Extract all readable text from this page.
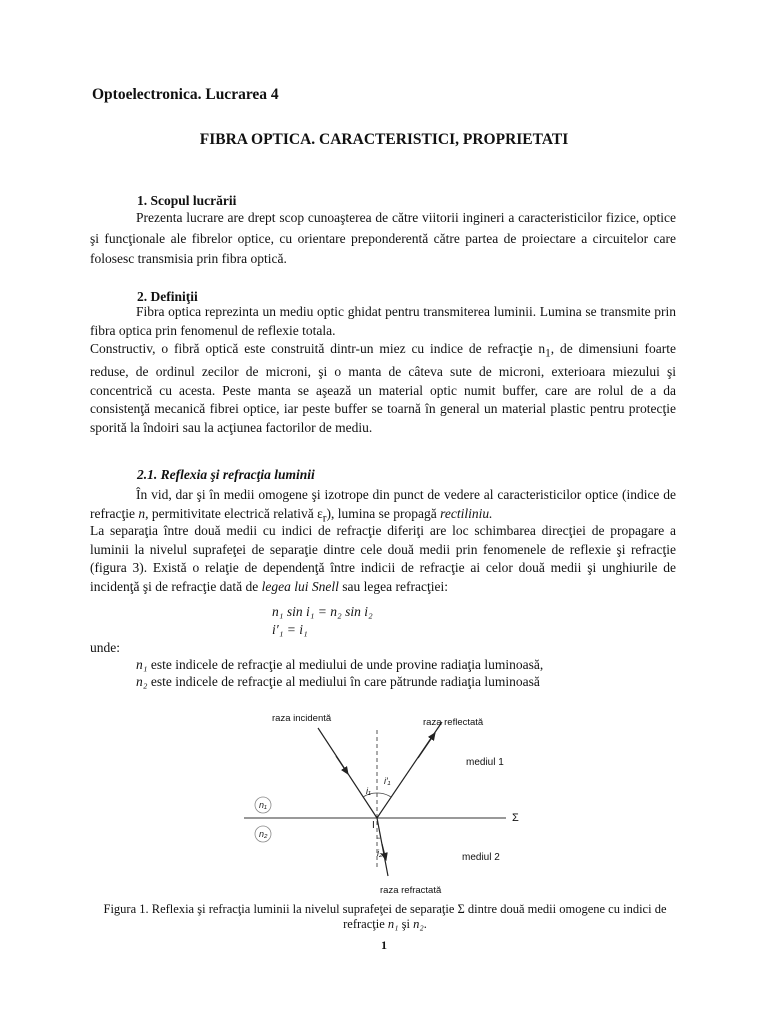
Optoelectronica. Lucrarea 4
FIBRA OPTICA. CARACTERISTICI, PROPRIETATI
1. Scopul lucrării
Prezenta lucrare are drept scop cunoaşterea de către viitorii ingineri a caracteristicilor fizice, optice şi funcţionale ale fibrelor optice, cu orientare preponderentă către partea de proiectare a circuitelor care folosesc transmisia prin fibra optică.
2. Definiţii
Fibra optica reprezinta un mediu optic ghidat pentru transmiterea luminii. Lumina se transmite prin fibra optica prin fenomenul de reflexie totala.
Constructiv, o fibră optică este construită dintr-un miez cu indice de refracţie $n_1$, de dimensiuni foarte reduse, de ordinul zecilor de microni, şi o manta de câteva sute de microni, exterioara miezului şi concentrică cu acesta. Peste manta se aşează un material optic numit buffer, care are rolul de a da consistenţă mecanică fibrei optice, iar peste buffer se toarnă în general un material plastic pentru protecţie sporită la îndoiri sau la acţiunea factorilor de mediu.
2.1. Reflexia şi refracţia luminii
În vid, dar şi în medii omogene şi izotrope din punct de vedere al caracteristicilor optice (indice de refracţie n, permitivitate electrică relativă $\varepsilon_r$), lumina se propagă rectiliniu.
La separaţia între două medii cu indici de refracţie diferiţi are loc schimbarea direcţiei de propagare a luminii la nivelul suprafeţei de separaţie dintre cele două medii prin fenomenele de reflexie şi refracţie (figura 3). Există o relaţie de dependenţă între indicii de refracţie ai celor două medii şi unghiurile de incidenţă şi de refracţie dată de legea lui Snell sau legea refracţiei:
n₁ sin i₁ = n₂ sin i₂
i′₁ = i₁
unde:
n₁ este indicele de refracţie al mediului de unde provine radiaţia luminoasă,
n₂ este indicele de refracţie al mediului în care pătrunde radiaţia luminoasă
n₁
n₂
raza incidentă	raza reflectată
mediul 1
mediul 2
raza refractată
i₁
i′₁
i₂
I
Σ
Figura 1. Reflexia şi refracţia luminii la nivelul suprafeţei de separaţie Σ dintre două medii omogene cu indici de refracţie n₁ şi n₂.
1
